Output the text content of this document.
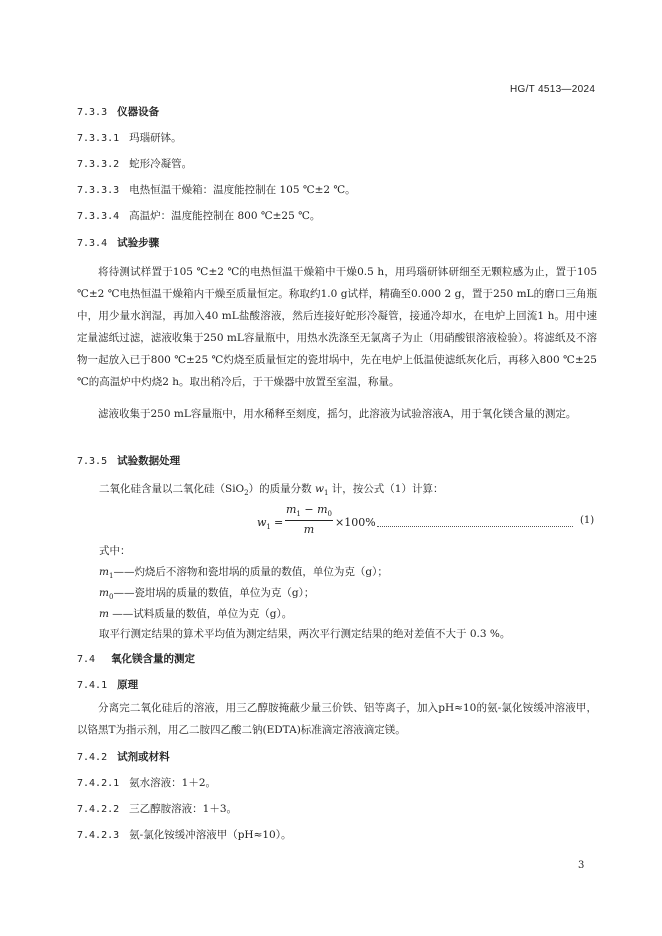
HG/T 4513—2024
7.3.3 仪器设备
7.3.3.1 玛瑙研钵。
7.3.3.2 蛇形冷凝管。
7.3.3.3 电热恒温干燥箱：温度能控制在 105 ℃±2 ℃。
7.3.3.4 高温炉：温度能控制在 800 ℃±25 ℃。
7.3.4 试验步骤
将待测试样置于105 ℃±2 ℃的电热恒温干燥箱中干燥0.5 h，用玛瑙研钵研细至无颗粒感为止，置于105 ℃±2 ℃电热恒温干燥箱内干燥至质量恒定。称取约1.0 g试样，精确至0.000 2 g，置于250 mL的磨口三角瓶中，用少量水润湿，再加入40 mL盐酸溶液，然后连接好蛇形冷凝管，接通冷却水，在电炉上回流1 h。用中速定量滤纸过滤，滤液收集于250 mL容量瓶中，用热水洗涤至无氯离子为止（用硝酸银溶液检验）。将滤纸及不溶物一起放入已于800 ℃±25 ℃灼烧至质量恒定的瓷坩埚中，先在电炉上低温使滤纸灰化后，再移入800 ℃±25 ℃的高温炉中灼烧2 h。取出稍冷后，于干燥器中放置至室温，称量。
滤液收集于250 mL容量瓶中，用水稀释至刻度，摇匀，此溶液为试验溶液A，用于氧化镁含量的测定。
7.3.5 试验数据处理
二氧化硅含量以二氧化硅（SiO$_2$）的质量分数 $w_1$ 计，按公式（1）计算：
$w_1 = \frac{m_1 - m_0}{m} \times 100\%$	(1)
式中：
$m_1——$灼烧后不溶物和瓷坩埚的质量的数值，单位为克（g）；
$m_0——$瓷坩埚的质量的数值，单位为克（g）；
m ——试料质量的数值，单位为克（g）。
取平行测定结果的算术平均值为测定结果，两次平行测定结果的绝对差值不大于 0.3 %。
7.4 氧化镁含量的测定
7.4.1 原理
分离完二氧化硅后的溶液，用三乙醇胺掩蔽少量三价铁、铝等离子，加入pH≈10的氨-氯化铵缓冲溶液甲，以铬黑T为指示剂，用乙二胺四乙酸二钠(EDTA)标准滴定溶液滴定镁。
7.4.2 试剂或材料
7.4.2.1 氨水溶液：1＋2。
7.4.2.2 三乙醇胺溶液：1＋3。
7.4.2.3 氨-氯化铵缓冲溶液甲（pH≈10）。
3
